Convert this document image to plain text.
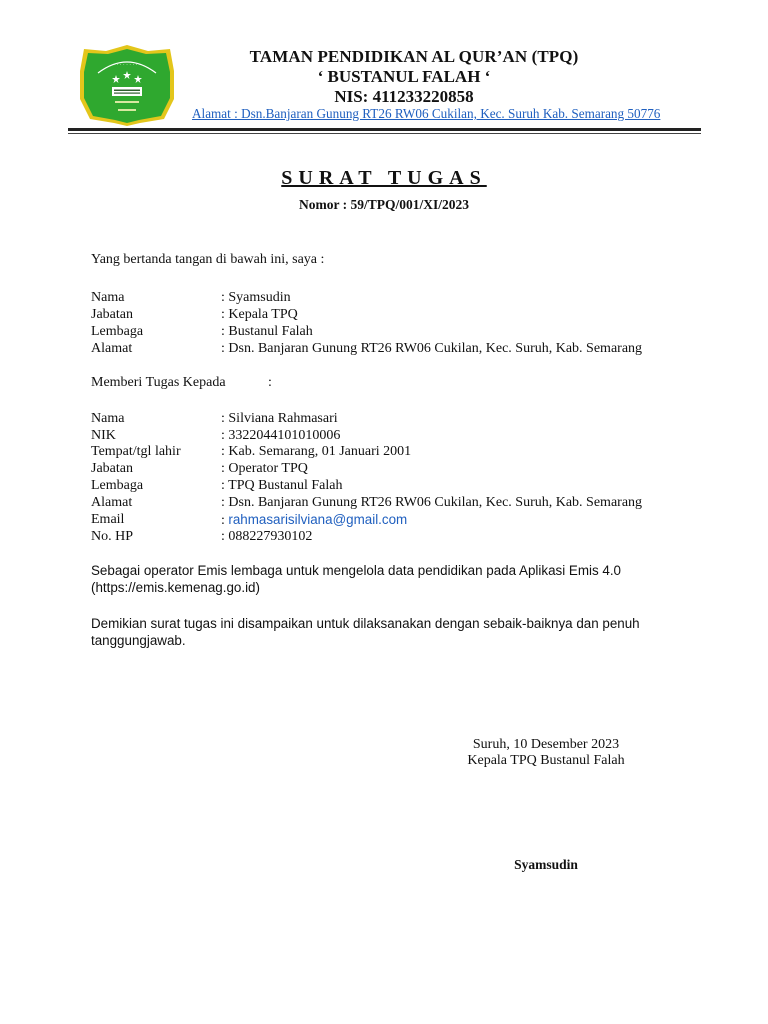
· · · · · · · · ·	TAMAN PENDIDIKAN AL QUR’AN (TPQ)
‘ BUSTANUL FALAH ‘
NIS: 411233220858
Alamat : Dsn.Banjaran Gunung RT26 RW06 Cukilan, Kec. Suruh Kab. Semarang 50776
SURAT TUGAS
Nomor : 59/TPQ/001/XI/2023
Yang bertanda tangan di bawah ini, saya :
Nama	: Syamsudin
Jabatan	: Kepala TPQ
Lembaga	: Bustanul Falah
Alamat	: Dsn. Banjaran Gunung RT26 RW06 Cukilan, Kec. Suruh, Kab. Semarang
Memberi Tugas Kepada	:
Nama	: Silviana Rahmasari
NIK	: 3322044101010006
Tempat/tgl lahir	: Kab. Semarang, 01 Januari 2001
Jabatan	: Operator TPQ
Lembaga	: TPQ Bustanul Falah
Alamat	: Dsn. Banjaran Gunung RT26 RW06 Cukilan, Kec. Suruh, Kab. Semarang
Email	: rahmasarisilviana@gmail.com
No. HP	: 088227930102
Sebagai operator Emis lembaga untuk mengelola data pendidikan pada Aplikasi Emis 4.0
(https://emis.kemenag.go.id)
Demikian surat tugas ini disampaikan untuk dilaksanakan dengan sebaik-baiknya dan penuh
tanggungjawab.
Suruh, 10 Desember 2023
Kepala TPQ Bustanul Falah
Syamsudin
